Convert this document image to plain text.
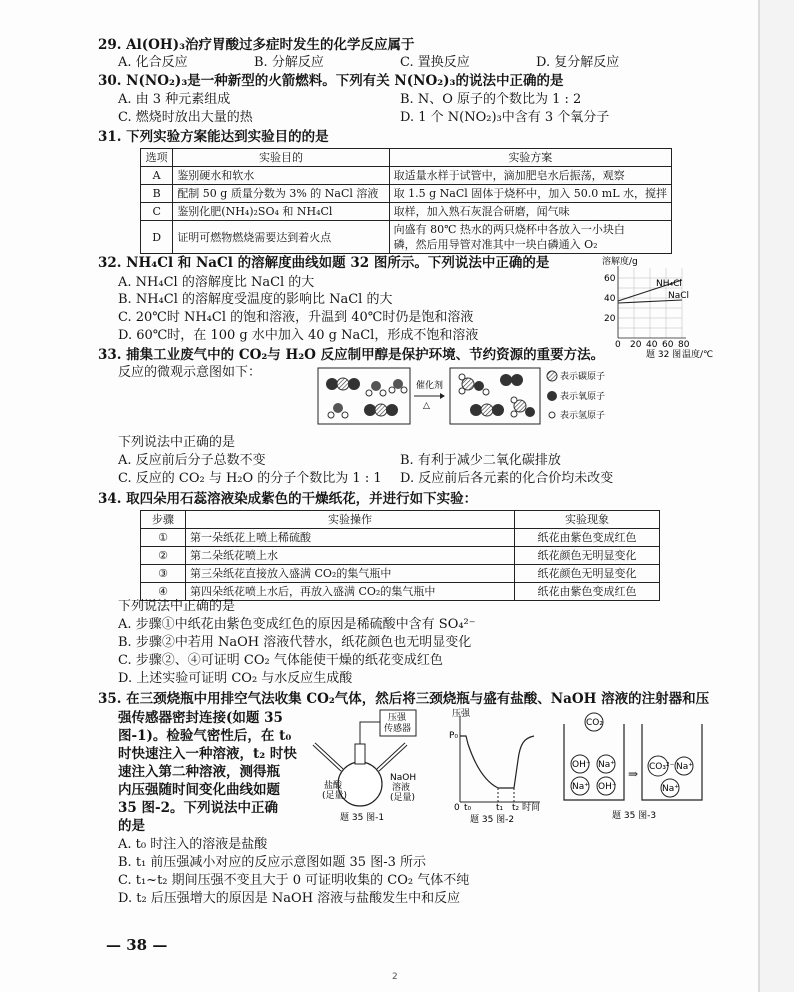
29. Al(OH)₃治疗胃酸过多症时发生的化学反应属于
A. 化合反应	B. 分解反应	C. 置换反应	D. 复分解反应
30. N(NO₂)₃是一种新型的火箭燃料。下列有关 N(NO₂)₃的说法中正确的是
A. 由 3 种元素组成	B. N、O 原子的个数比为 1 : 2
C. 燃烧时放出大量的热	D. 1 个 N(NO₂)₃中含有 3 个氧分子
31. 下列实验方案能达到实验目的的是
选项	实验目的	实验方案
A	鉴别硬水和软水	取适量水样于试管中，滴加肥皂水后振荡，观察
B	配制 50 g 质量分数为 3% 的 NaCl 溶液	取 1.5 g NaCl 固体于烧杯中，加入 50.0 mL 水，搅拌
C	鉴别化肥(NH₄)₂SO₄ 和 NH₄Cl	取样，加入熟石灰混合研磨，闻气味
D	证明可燃物燃烧需要达到着火点	向盛有 80℃ 热水的两只烧杯中各放入一小块白
磷，然后用导管对准其中一块白磷通入 O₂
32. NH₄Cl 和 NaCl 的溶解度曲线如题 32 图所示。下列说法中正确的是
A. NH₄Cl 的溶解度比 NaCl 的大
B. NH₄Cl 的溶解度受温度的影响比 NaCl 的大
C. 20℃时 NH₄Cl 的饱和溶液，升温到 40℃时仍是饱和溶液
D. 60℃时，在 100 g 水中加入 40 g NaCl，形成不饱和溶液
溶解度/g
60
40
20
0 20 40 60 80
NH₄Cl
NaCl
题 32 图 温度/℃
33. 捕集工业废气中的 CO₂与 H₂O 反应制甲醇是保护环境、节约资源的重要方法。
反应的微观示意图如下：
催化剂
△
表示碳原子
表示氧原子
表示氢原子
下列说法中正确的是
A. 反应前后分子总数不变	B. 有利于减少二氧化碳排放
C. 反应的 CO₂ 与 H₂O 的分子个数比为 1 : 1 D. 反应前后各元素的化合价均未改变
34. 取四朵用石蕊溶液染成紫色的干燥纸花，并进行如下实验：
步骤	实验操作	实验现象
①	第一朵纸花上喷上稀硫酸	纸花由紫色变成红色
②	第二朵纸花喷上水	纸花颜色无明显变化
③	第三朵纸花直接放入盛满 CO₂的集气瓶中	纸花颜色无明显变化
④	第四朵纸花喷上水后，再放入盛满 CO₂的集气瓶中	纸花由紫色变成红色
下列说法中正确的是
A. 步骤①中纸花由紫色变成红色的原因是稀硫酸中含有 SO₄²⁻
B. 步骤②中若用 NaOH 溶液代替水，纸花颜色也无明显变化
C. 步骤②、④可证明 CO₂ 气体能使干燥的纸花变成红色
D. 上述实验可证明 CO₂ 与水反应生成酸
35. 在三颈烧瓶中用排空气法收集 CO₂气体，然后将三颈烧瓶与盛有盐酸、NaOH 溶液的注射器和压
强传感器密封连接(如题 35
图-1)。检验气密性后，在 t₀
时快速注入一种溶液，t₂ 时快
速注入第二种溶液，测得瓶
内压强随时间变化曲线如题
35 图-2。下列说法中正确
的是
A. t₀ 时注入的溶液是盐酸
B. t₁ 前压强减小对应的反应示意图如题 35 图-3 所示
C. t₁~t₂ 期间压强不变且大于 0 可证明收集的 CO₂ 气体不纯
D. t₂ 后压强增大的原因是 NaOH 溶液与盐酸发生中和反应
压强
传感器
盐酸
(足量)
NaOH
溶液
(足量)
题 35 图-1
压强
P₀
0 t₀	t₁ t₂ 时间
题 35 图-2
CO₂
OH⁻ Na⁺
Na⁺ OH⁻
⇒ CO₃²⁻ Na⁺
Na⁺
题 35 图-3
— 38 —
2
